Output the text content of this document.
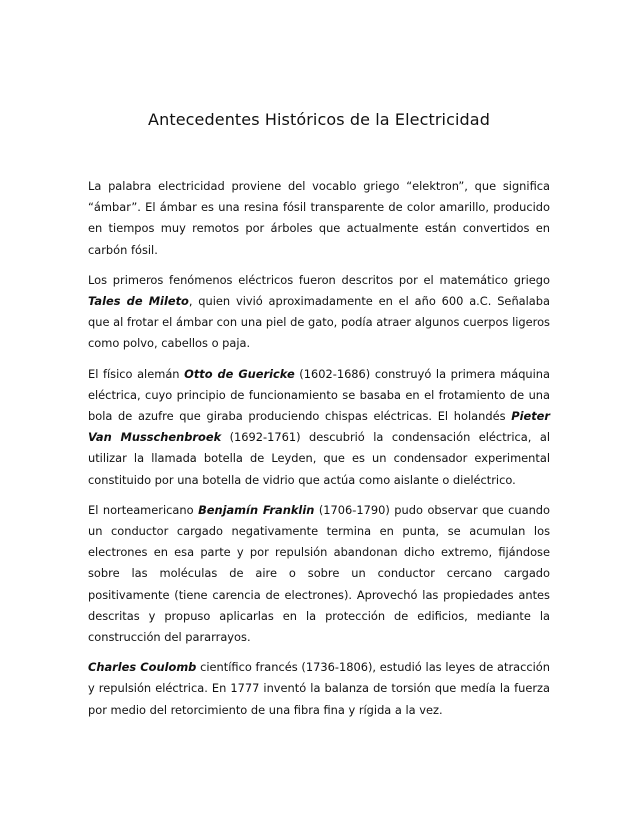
Antecedentes Históricos de la Electricidad

La palabra electricidad proviene del vocablo griego “elektron”, que significa “ámbar”. El ámbar es una resina fósil transparente de color amarillo, producido en tiempos muy remotos por árboles que actualmente están convertidos en carbón fósil.

Los primeros fenómenos eléctricos fueron descritos por el matemático griego Tales de Mileto, quien vivió aproximadamente en el año 600 a.C. Señalaba que al frotar el ámbar con una piel de gato, podía atraer algunos cuerpos ligeros como polvo, cabellos o paja.

El físico alemán Otto de Guericke (1602-1686) construyó la primera máquina eléctrica, cuyo principio de funcionamiento se basaba en el frotamiento de una bola de azufre que giraba produciendo chispas eléctricas. El holandés Pieter Van Musschenbroek (1692-1761) descubrió la condensación eléctrica, al utilizar la llamada botella de Leyden, que es un condensador experimental constituido por una botella de vidrio que actúa como aislante o dieléctrico.

El norteamericano Benjamín Franklin (1706-1790) pudo observar que cuando un conductor cargado negativamente termina en punta, se acumulan los electrones en esa parte y por repulsión abandonan dicho extremo, fijándose sobre las moléculas de aire o sobre un conductor cercano cargado positivamente (tiene carencia de electrones). Aprovechó las propiedades antes descritas y propuso aplicarlas en la protección de edificios, mediante la construcción del pararrayos.

Charles Coulomb científico francés (1736-1806), estudió las leyes de atracción y repulsión eléctrica. En 1777 inventó la balanza de torsión que medía la fuerza por medio del retorcimiento de una fibra fina y rígida a la vez.
